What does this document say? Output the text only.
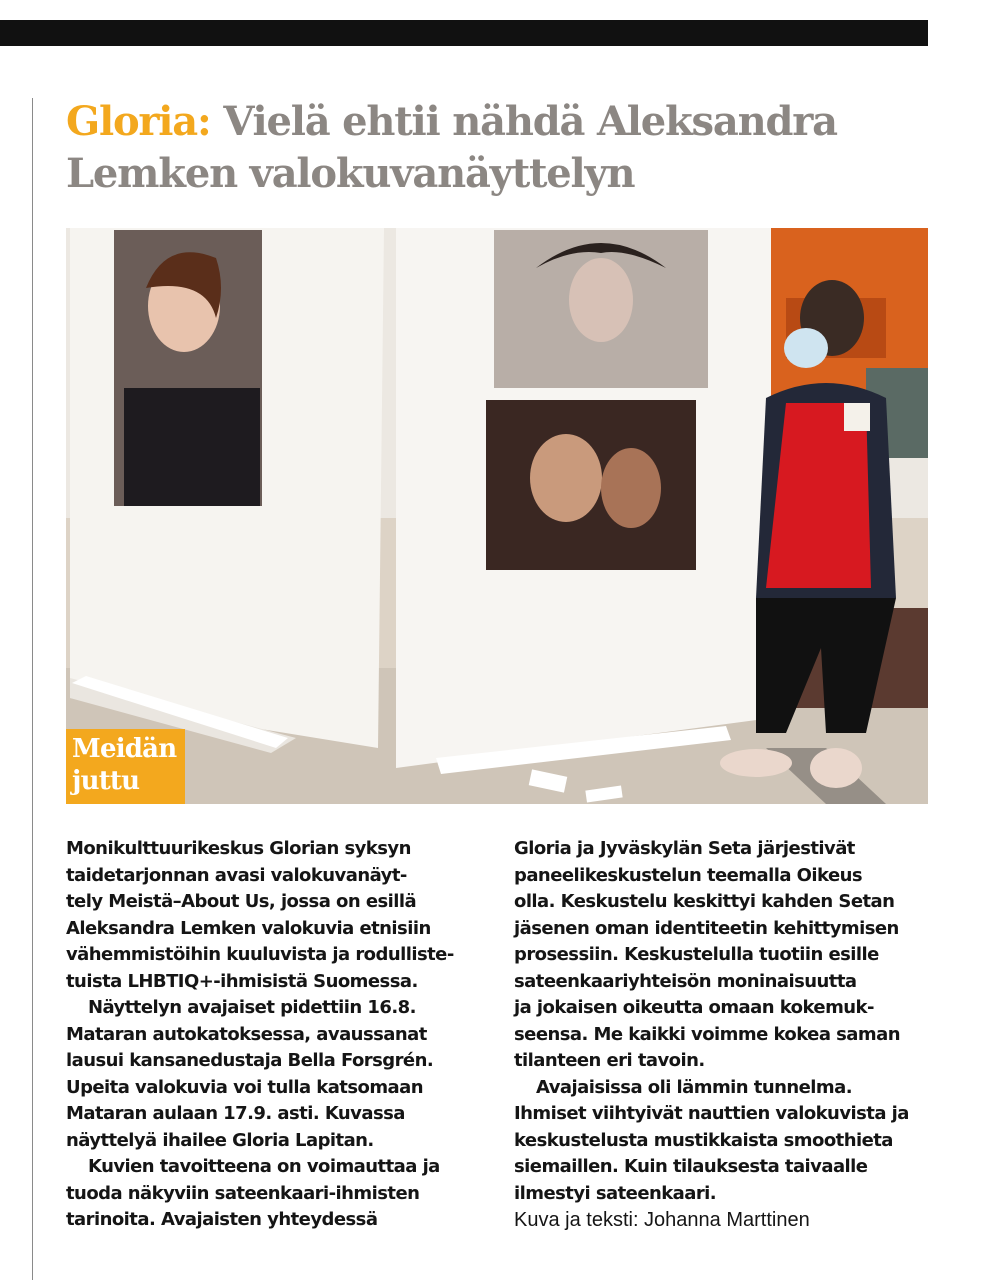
Gloria: Vielä ehtii nähdä Aleksandra Lemken valokuvanäyttelyn
Meidän
juttu
Monikulttuurikeskus Glorian syksyn
taidetarjonnan avasi valokuvanäyt-
tely Meistä–About Us, jossa on esillä
Aleksandra Lemken valokuvia etnisiin
vähemmistöihin kuuluvista ja rodulliste-
tuista LHBTIQ+-ihmisistä Suomessa.
Näyttelyn avajaiset pidettiin 16.8.
Mataran autokatoksessa, avaussanat
lausui kansanedustaja Bella Forsgrén.
Upeita valokuvia voi tulla katsomaan
Mataran aulaan 17.9. asti. Kuvassa
näyttelyä ihailee Gloria Lapitan.
Kuvien tavoitteena on voimauttaa ja
tuoda näkyviin sateenkaari-ihmisten
tarinoita. Avajaisten yhteydessä
Gloria ja Jyväskylän Seta järjestivät
paneelikeskustelun teemalla Oikeus
olla. Keskustelu keskittyi kahden Setan
jäsenen oman identiteetin kehittymisen
prosessiin. Keskustelulla tuotiin esille
sateenkaariyhteisön moninaisuutta
ja jokaisen oikeutta omaan kokemuk-
seensa. Me kaikki voimme kokea saman
tilanteen eri tavoin.
Avajaisissa oli lämmin tunnelma.
Ihmiset viihtyivät nauttien valokuvista ja
keskustelusta mustikkaista smoothieta
siemaillen. Kuin tilauksesta taivaalle
ilmestyi sateenkaari.
Kuva ja teksti: Johanna Marttinen
